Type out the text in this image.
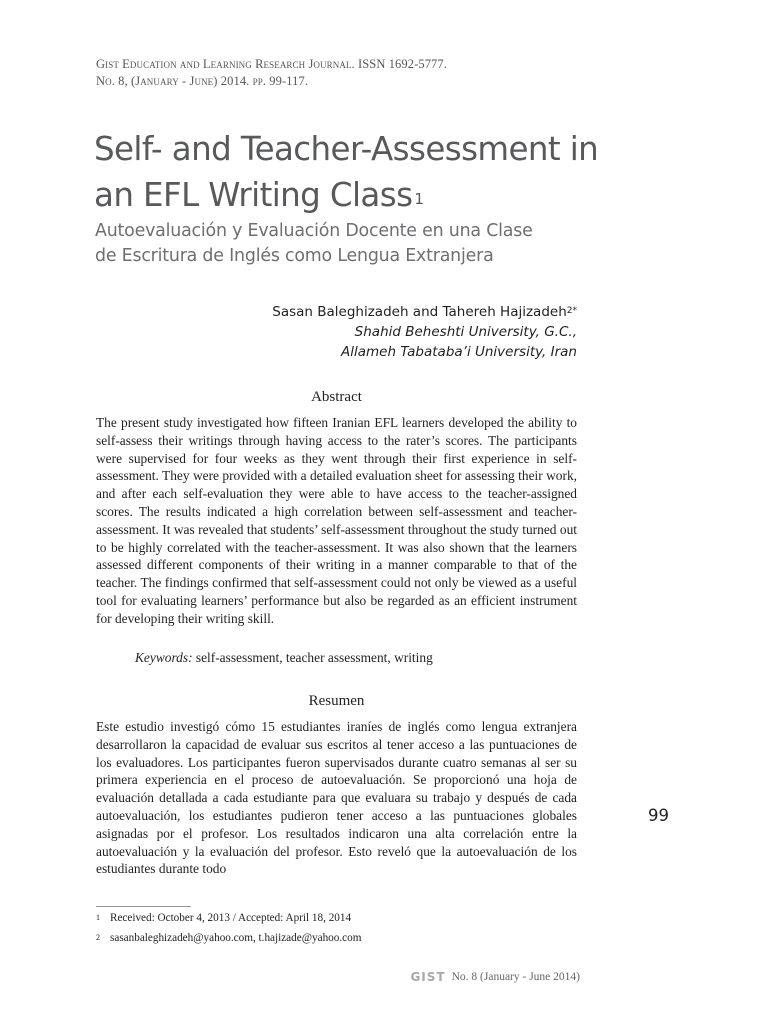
Gist Education and Learning Research Journal. ISSN 1692-5777.
No. 8, (January - June) 2014. pp. 99-117.
Self- and Teacher-Assessment in
an EFL Writing Class $^1$
Autoevaluación y Evaluación Docente en una Clase
de Escritura de Inglés como Lengua Extranjera
Sasan Baleghizadeh and Tahereh Hajizadeh$^{2*}$
Shahid Beheshti University, G.C.,
Allameh Tabataba’i University, Iran
Abstract
The present study investigated how fifteen Iranian EFL learners developed the ability to self-assess their writings through having access to the rater’s scores. The participants were supervised for four weeks as they went through their first experience in self-assessment. They were provided with a detailed evaluation sheet for assessing their work, and after each self-evaluation they were able to have access to the teacher-assigned scores. The results indicated a high correlation between self-assessment and teacher-assessment. It was revealed that students’ self-assessment throughout the study turned out to be highly correlated with the teacher-assessment. It was also shown that the learners assessed different components of their writing in a manner comparable to that of the teacher. The findings confirmed that self-assessment could not only be viewed as a useful tool for evaluating learners’ performance but also be regarded as an efficient instrument for developing their writing skill.
Keywords: self-assessment, teacher assessment, writing
Resumen
Este estudio investigó cómo 15 estudiantes iraníes de inglés como lengua extranjera desarrollaron la capacidad de evaluar sus escritos al tener acceso a las puntuaciones de los evaluadores. Los participantes fueron supervisados durante cuatro semanas al ser su primera experiencia en el proceso de autoevaluación. Se proporcionó una hoja de evaluación detallada a cada estudiante para que evaluara su trabajo y después de cada autoevaluación, los estudiantes pudieron tener acceso a las puntuaciones globales asignadas por el profesor. Los resultados indicaron una alta correlación entre la autoevaluación y la evaluación del profesor. Esto reveló que la autoevaluación de los estudiantes durante todo
99
1 Received: October 4, 2013 / Accepted: April 18, 2014
2 sasanbaleghizadeh@yahoo.com, t.hajizade@yahoo.com
GIST No. 8 (January - June 2014)
